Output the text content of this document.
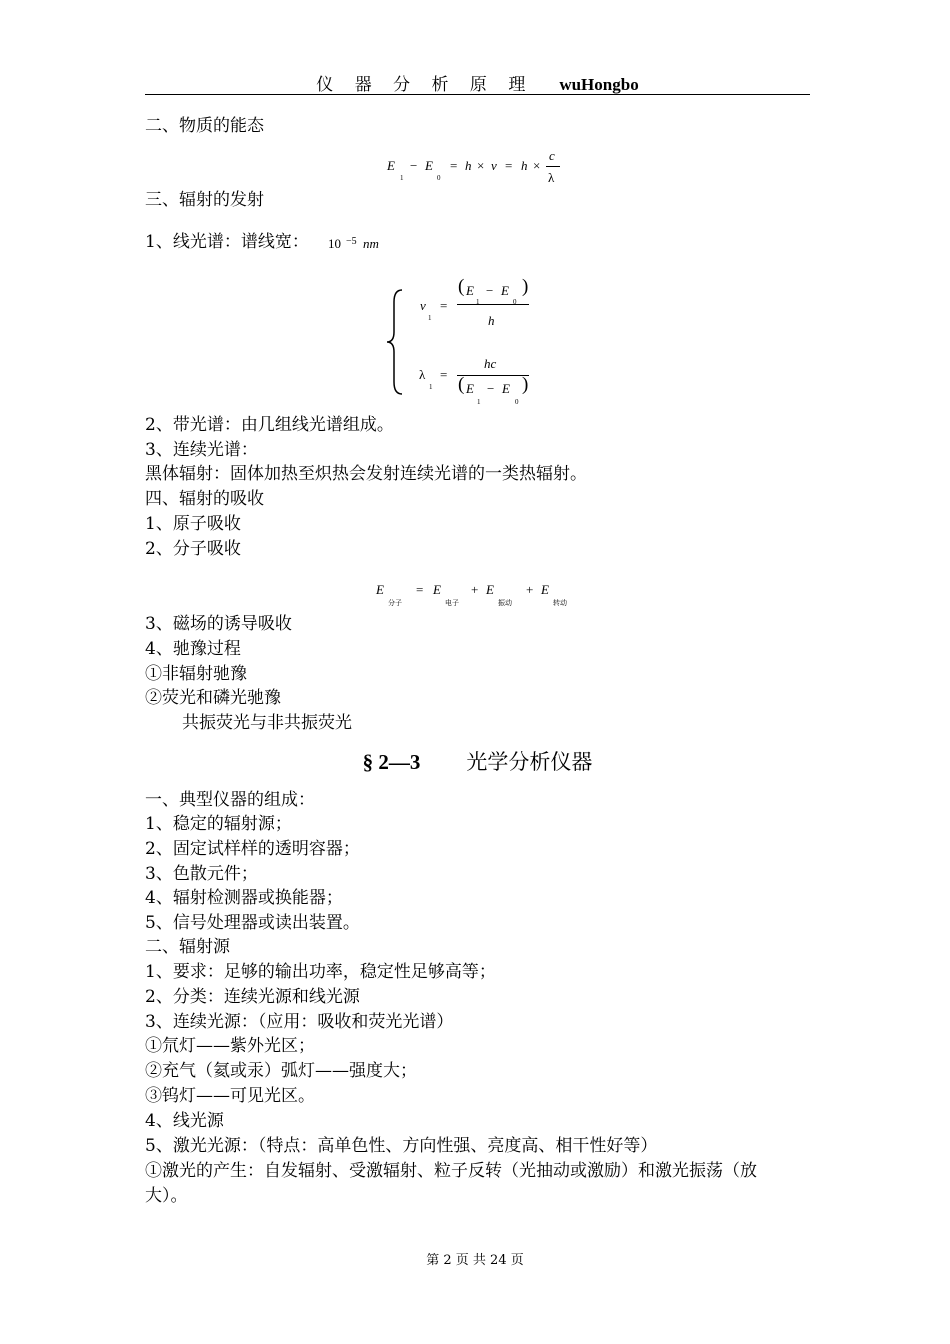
仪 器 分 析 原 理 wuHongbo
二、物质的能态
E
1
− E
0
= h × v = h ×
c
λ
三、辐射的发射
1、线光谱：谱线宽： 10 −5 nm
v
1
=
( E
1
− E
0
)
h
λ
1
=
hc
( E
1
− E
0
)
2、带光谱：由几组线光谱组成。
3、连续光谱：
黑体辐射：固体加热至炽热会发射连续光谱的一类热辐射。
四、辐射的吸收
1、原子吸收
2、分子吸收
E
分子
= E
电子
+ E
振动
+ E
转动
3、磁场的诱导吸收
4、驰豫过程
①非辐射驰豫
②荧光和磷光驰豫
共振荧光与非共振荧光
§ 2—3 光学分析仪器
一、典型仪器的组成：
1、稳定的辐射源；
2、固定试样样的透明容器；
3、色散元件；
4、辐射检测器或换能器；
5、信号处理器或读出装置。
二、辐射源
1、要求：足够的输出功率，稳定性足够高等；
2、分类：连续光源和线光源
3、连续光源：（应用：吸收和荧光光谱）
①氘灯——紫外光区；
②充气（氦或汞）弧灯——强度大；
③钨灯——可见光区。
4、线光源
5、激光光源：（特点：高单色性、方向性强、亮度高、相干性好等）
①激光的产生：自发辐射、受激辐射、粒子反转（光抽动或激励）和激光振荡（放
大）。
第 2 页 共 24 页
